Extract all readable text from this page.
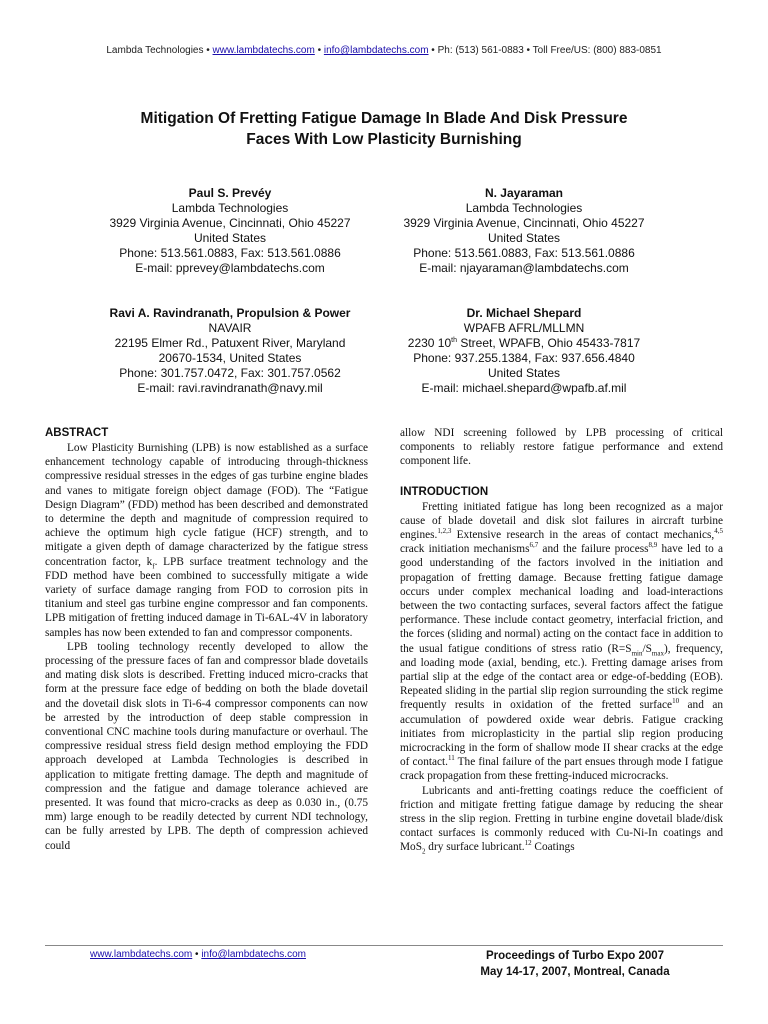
Lambda Technologies • www.lambdatechs.com • info@lambdatechs.com • Ph: (513) 561-0883 • Toll Free/US: (800) 883-0851
Mitigation Of Fretting Fatigue Damage In Blade And Disk Pressure
Faces With Low Plasticity Burnishing
Paul S. Prevéy
Lambda Technologies
3929 Virginia Avenue, Cincinnati, Ohio 45227
United States
Phone: 513.561.0883, Fax: 513.561.0886
E-mail: pprevey@lambdatechs.com
N. Jayaraman
Lambda Technologies
3929 Virginia Avenue, Cincinnati, Ohio 45227
United States
Phone: 513.561.0883, Fax: 513.561.0886
E-mail: njayaraman@lambdatechs.com
Ravi A. Ravindranath, Propulsion & Power
NAVAIR
22195 Elmer Rd., Patuxent River, Maryland
20670-1534, United States
Phone: 301.757.0472, Fax: 301.757.0562
E-mail: ravi.ravindranath@navy.mil
Dr. Michael Shepard
WPAFB AFRL/MLLMN
2230 10th Street, WPAFB, Ohio 45433-7817
Phone: 937.255.1384, Fax: 937.656.4840
United States
E-mail: michael.shepard@wpafb.af.mil
ABSTRACT

Low Plasticity Burnishing (LPB) is now established as a surface enhancement technology capable of introducing through-thickness compressive residual stresses in the edges of gas turbine engine blades and vanes to mitigate foreign object damage (FOD). The “Fatigue Design Diagram” (FDD) method has been described and demonstrated to determine the depth and magnitude of compression required to achieve the optimum high cycle fatigue (HCF) strength, and to mitigate a given depth of damage characterized by the fatigue stress concentration factor, $k_f$. LPB surface treatment technology and the FDD method have been combined to successfully mitigate a wide variety of surface damage ranging from FOD to corrosion pits in titanium and steel gas turbine engine compressor and fan components. LPB mitigation of fretting induced damage in Ti-6AL-4V in laboratory samples has now been extended to fan and compressor components.

LPB tooling technology recently developed to allow the processing of the pressure faces of fan and compressor blade dovetails and mating disk slots is described. Fretting induced micro-cracks that form at the pressure face edge of bedding on both the blade dovetail and the dovetail disk slots in Ti-6-4 compressor components can now be arrested by the introduction of deep stable compression in conventional CNC machine tools during manufacture or overhaul. The compressive residual stress field design method employing the FDD approach developed at Lambda Technologies is described in application to mitigate fretting damage. The depth and magnitude of compression and the fatigue and damage tolerance achieved are presented. It was found that micro-cracks as deep as 0.030 in., (0.75 mm) large enough to be readily detected by current NDI technology, can be fully arrested by LPB. The depth of compression achieved could

allow NDI screening followed by LPB processing of critical components to reliably restore fatigue performance and extend component life.

INTRODUCTION

Fretting initiated fatigue has long been recognized as a major cause of blade dovetail and disk slot failures in aircraft turbine engines.$^{1,2,3}$ Extensive research in the areas of contact mechanics,$^{4,5}$ crack initiation mechanisms$^{6,7}$ and the failure process$^{8,9}$ have led to a good understanding of the factors involved in the initiation and propagation of fretting damage. Because fretting fatigue damage occurs under complex mechanical loading and load-interactions between the two contacting surfaces, several factors affect the fatigue performance. These include contact geometry, interfacial friction, and the forces (sliding and normal) acting on the contact face in addition to the usual fatigue conditions of stress ratio $(R=S_{min}/S_{max})$, frequency, and loading mode (axial, bending, etc.). Fretting damage arises from partial slip at the edge of the contact area or edge-of-bedding (EOB). Repeated sliding in the partial slip region surrounding the stick regime frequently results in oxidation of the fretted surface$^{10}$ and an accumulation of powdered oxide wear debris. Fatigue cracking initiates from microplasticity in the partial slip region producing microcracking in the form of shallow mode II shear cracks at the edge of contact.$^{11}$ The final failure of the part ensues through mode I fatigue crack propagation from these fretting-induced microcracks.

Lubricants and anti-fretting coatings reduce the coefficient of friction and mitigate fretting fatigue damage by reducing the shear stress in the slip region. Fretting in turbine engine dovetail blade/disk contact surfaces is commonly reduced with Cu-Ni-In coatings and MoS$_2$ dry surface lubricant.$^{12}$ Coatings

www.lambdatechs.com • info@lambdatechs.com	Proceedings of Turbo Expo 2007
May 14-17, 2007, Montreal, Canada
